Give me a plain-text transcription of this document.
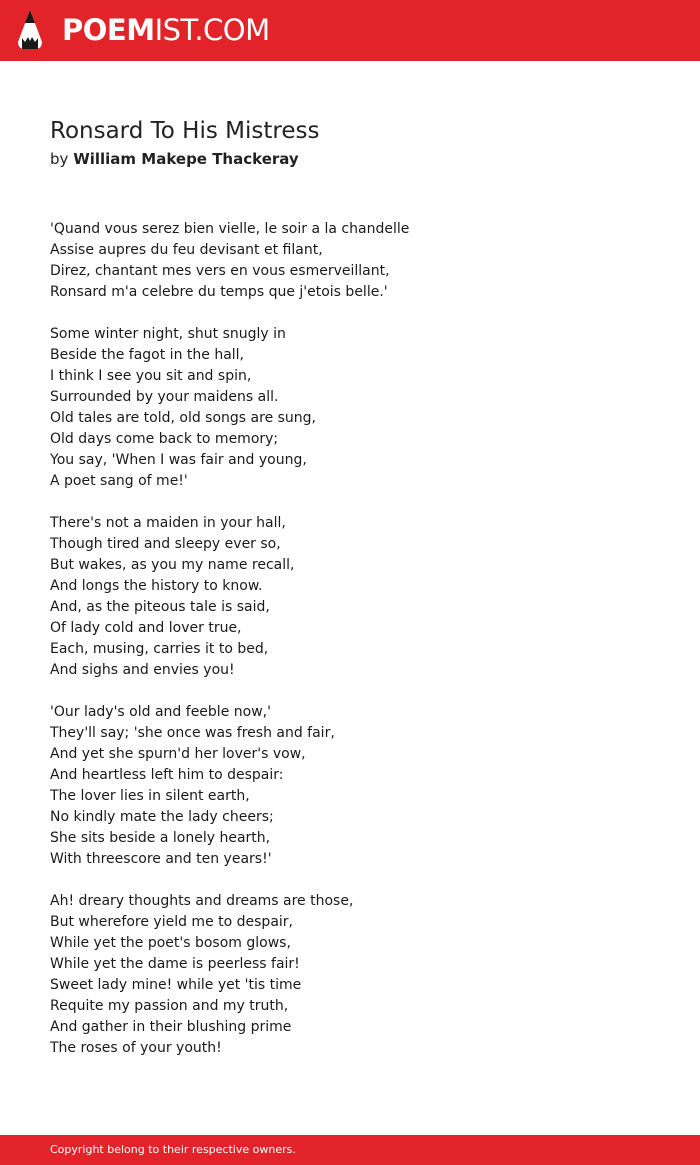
POEMIST.COM
Ronsard To His Mistress
by William Makepe Thackeray
'Quand vous serez bien vielle, le soir a la chandelle
Assise aupres du feu devisant et filant,
Direz, chantant mes vers en vous esmerveillant,
Ronsard m'a celebre du temps que j'etois belle.'
Some winter night, shut snugly in
Beside the fagot in the hall,
I think I see you sit and spin,
Surrounded by your maidens all.
Old tales are told, old songs are sung,
Old days come back to memory;
You say, 'When I was fair and young,
A poet sang of me!'
There's not a maiden in your hall,
Though tired and sleepy ever so,
But wakes, as you my name recall,
And longs the history to know.
And, as the piteous tale is said,
Of lady cold and lover true,
Each, musing, carries it to bed,
And sighs and envies you!
'Our lady's old and feeble now,'
They'll say; 'she once was fresh and fair,
And yet she spurn'd her lover's vow,
And heartless left him to despair:
The lover lies in silent earth,
No kindly mate the lady cheers;
She sits beside a lonely hearth,
With threescore and ten years!'
Ah! dreary thoughts and dreams are those,
But wherefore yield me to despair,
While yet the poet's bosom glows,
While yet the dame is peerless fair!
Sweet lady mine! while yet 'tis time
Requite my passion and my truth,
And gather in their blushing prime
The roses of your youth!
Copyright belong to their respective owners.
